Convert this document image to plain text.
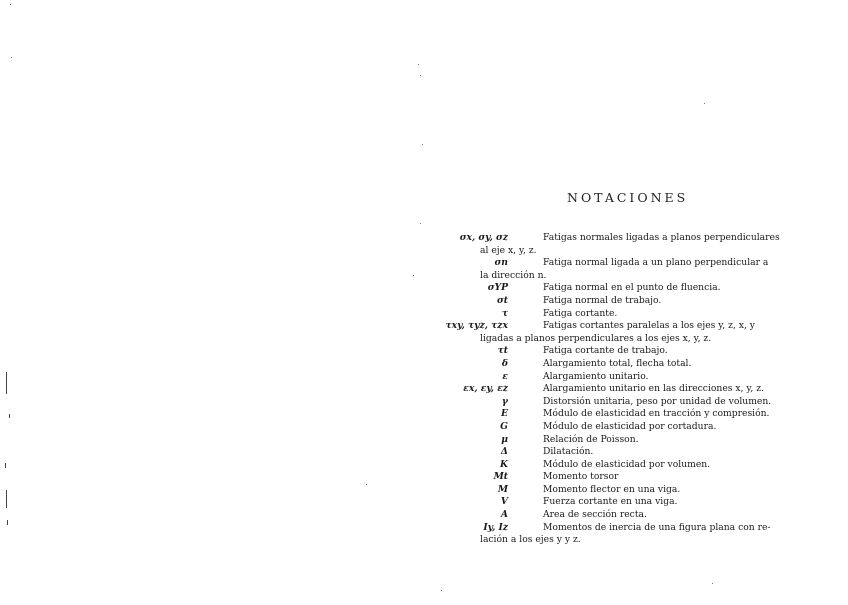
NOTACIONES
σx, σy, σz	Fatigas normales ligadas a planos perpendiculares
al eje x, y, z.
σn	Fatiga normal ligada a un plano perpendicular a
la dirección n.
σYP	Fatiga normal en el punto de fluencia.
σt	Fatiga normal de trabajo.
τ	Fatiga cortante.
τxy, τyz, τzx	Fatigas cortantes paralelas a los ejes y, z, x, y
ligadas a planos perpendiculares a los ejes x, y, z.
τt	Fatiga cortante de trabajo.
δ	Alargamiento total, flecha total.
ε	Alargamiento unitario.
εx, εy, εz	Alargamiento unitario en las direcciones x, y, z.
γ	Distorsión unitaria, peso por unidad de volumen.
E	Módulo de elasticidad en tracción y compresión.
G	Módulo de elasticidad por cortadura.
μ	Relación de Poisson.
Δ	Dilatación.
K	Módulo de elasticidad por volumen.
Mt	Momento torsor
M	Momento flector en una viga.
V	Fuerza cortante en una viga.
A	Area de sección recta.
Iy, Iz	Momentos de inercia de una figura plana con re-
lación a los ejes y y z.
